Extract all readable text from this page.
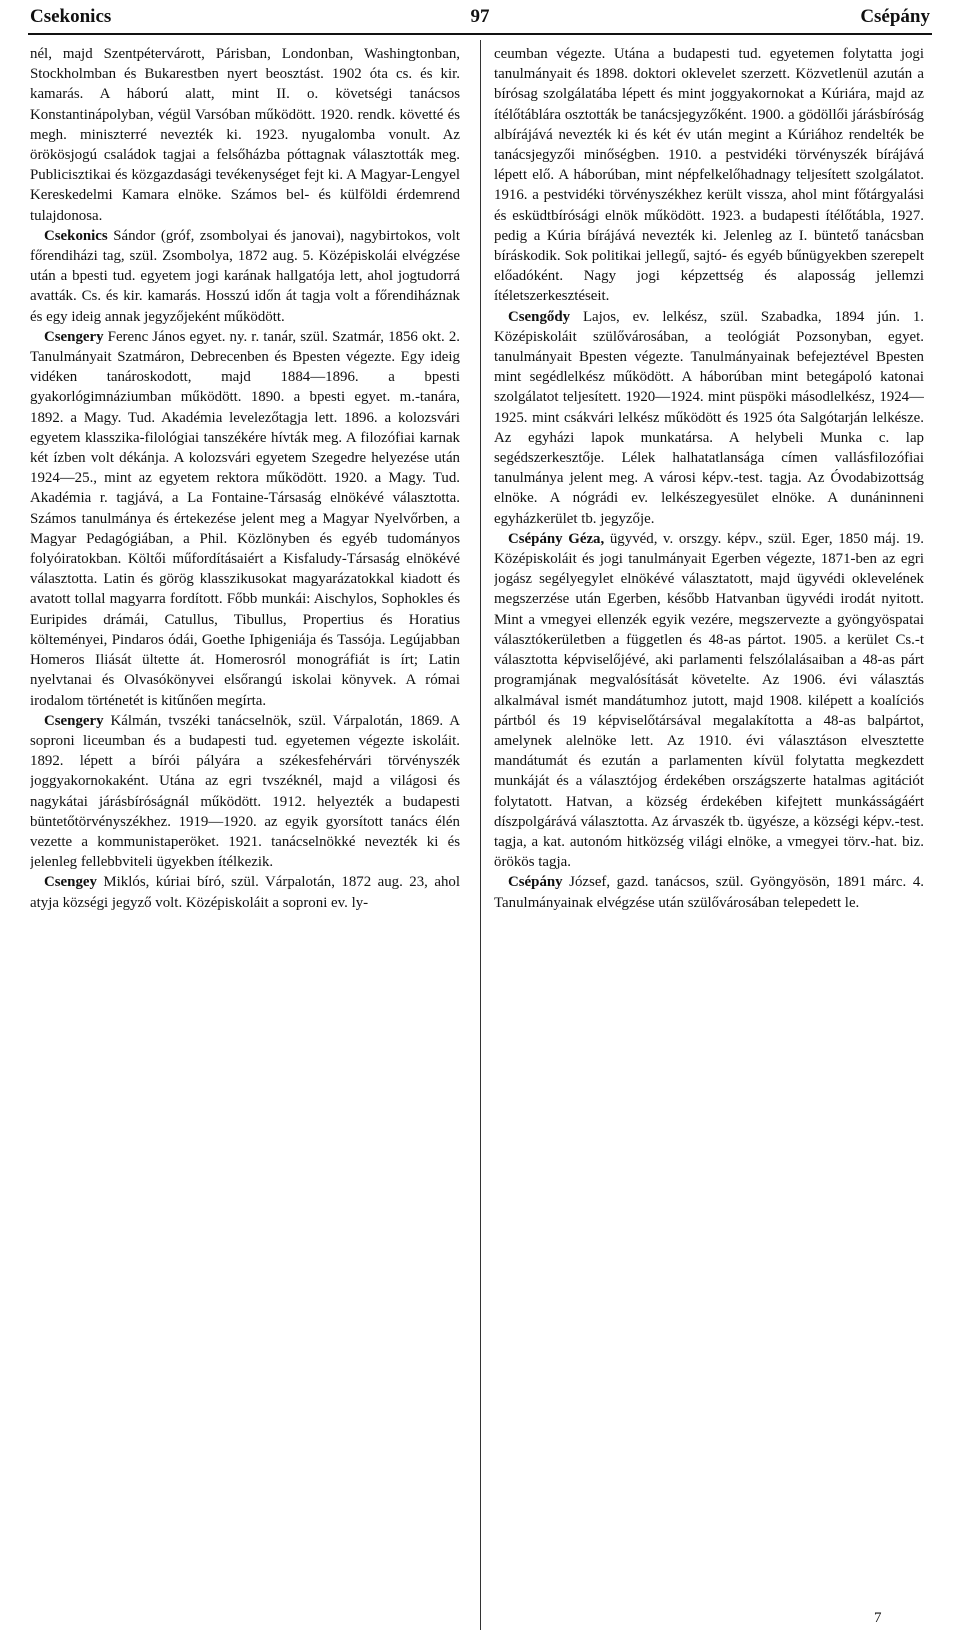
Csekonics	97	Csépány

nél, majd Szentpétervárott, Párisban, Londonban, Washingtonban, Stockholmban és Bukarestben nyert beosztást. 1902 óta cs. és kir. kamarás. A háború alatt, mint II. o. követségi tanácsos Konstantinápolyban, végül Varsóban működött. 1920. rendk. követté és megh. miniszterré nevezték ki. 1923. nyugalomba vonult. Az örökösjogú családok tagjai a felsőházba póttagnak választották meg. Publicisztikai és közgazdasági tevékenységet fejt ki. A Magyar-Lengyel Kereskedelmi Kamara elnöke. Számos bel- és külföldi érdemrend tulajdonosa.

Csekonics Sándor (gróf, zsombolyai és janovai), nagybirtokos, volt főrendiházi tag, szül. Zsombolya, 1872 aug. 5. Középiskolái elvégzése után a bpesti tud. egyetem jogi karának hallgatója lett, ahol jogtudorrá avatták. Cs. és kir. kamarás. Hosszú időn át tagja volt a főrendiháznak és egy ideig annak jegyzőjeként működött.

Csengery Ferenc János egyet. ny. r. tanár, szül. Szatmár, 1856 okt. 2. Tanulmányait Szatmáron, Debrecenben és Bpesten végezte. Egy ideig vidéken tanároskodott, majd 1884—1896. a bpesti gyakorlógimnáziumban működött. 1890. a bpesti egyet. m.-tanára, 1892. a Magy. Tud. Akadémia levelezőtagja lett. 1896. a kolozsvári egyetem klasszika-filológiai tanszékére hívták meg. A filozófiai karnak két ízben volt dékánja. A kolozsvári egyetem Szegedre helyezése után 1924—25., mint az egyetem rektora működött. 1920. a Magy. Tud. Akadémia r. tagjává, a La Fontaine-Társaság elnökévé választotta. Számos tanulmánya és értekezése jelent meg a Magyar Nyelvőrben, a Magyar Pedagógiában, a Phil. Közlönyben és egyéb tudományos folyóiratokban. Költői műfordításaiért a Kisfaludy-Társaság elnökévé választotta. Latin és görög klasszikusokat magyarázatokkal kiadott és avatott tollal magyarra fordított. Főbb munkái: Aischylos, Sophokles és Euripides drámái, Catullus, Tibullus, Propertius és Horatius költeményei, Pindaros ódái, Goethe Iphigeniája és Tassója. Legújabban Homeros Iliását ültette át. Homerosról monográfiát is írt; Latin nyelvtanai és Olvasókönyvei elsőrangú iskolai könyvek. A római irodalom történetét is kitűnően megírta.

Csengery Kálmán, tvszéki tanácselnök, szül. Várpalotán, 1869. A soproni liceumban és a budapesti tud. egyetemen végezte iskoláit. 1892. lépett a bírói pályára a székesfehérvári törvényszék joggyakornokaként. Utána az egri tvszéknél, majd a világosi és nagykátai járásbíróságnál működött. 1912. helyezték a budapesti büntetőtörvényszékhez. 1919—1920. az egyik gyorsított tanács élén vezette a kommunistaperöket. 1921. tanácselnökké nevezték ki és jelenleg fellebbviteli ügyekben ítélkezik.

Csengey Miklós, kúriai bíró, szül. Várpalotán, 1872 aug. 23, ahol atyja községi jegyző volt. Középiskoláit a soproni ev. ly-

ceumban végezte. Utána a budapesti tud. egyetemen folytatta jogi tanulmányait és 1898. doktori oklevelet szerzett. Közvetlenül azután a bírósag szolgálatába lépett és mint joggyakornokat a Kúriára, majd az ítélőtáblára osztották be tanácsjegyzőként. 1900. a gödöllői járásbíróság albírájává nevezték ki és két év után megint a Kúriához rendelték be tanácsjegyzői minőségben. 1910. a pestvidéki törvényszék bírájává lépett elő. A háborúban, mint népfelkelőhadnagy teljesített szolgálatot. 1916. a pestvidéki törvényszékhez került vissza, ahol mint főtárgyalási és esküdtbírósági elnök működött. 1923. a budapesti ítélőtábla, 1927. pedig a Kúria bírájává nevezték ki. Jelenleg az I. büntető tanácsban bíráskodik. Sok politikai jellegű, sajtó- és egyéb bűnügyekben szerepelt előadóként. Nagy jogi képzettség és alaposság jellemzi ítéletszerkesztéseit.

Csengődy Lajos, ev. lelkész, szül. Szabadka, 1894 jún. 1. Középiskoláit szülővárosában, a teológiát Pozsonyban, egyet. tanulmányait Bpesten végezte. Tanulmányainak befejeztével Bpesten mint segédlelkész működött. A háborúban mint betegápoló katonai szolgálatot teljesített. 1920—1924. mint püspöki másodlelkész, 1924—1925. mint csákvári lelkész működött és 1925 óta Salgótarján lelkésze. Az egyházi lapok munkatársa. A helybeli Munka c. lap segédszerkesztője. Lélek halhatatlansága címen vallásfilozófiai tanulmánya jelent meg. A városi képv.-test. tagja. Az Óvodabizottság elnöke. A nógrádi ev. lelkészegyesület elnöke. A dunáninneni egyházkerület tb. jegyzője.

Csépány Géza, ügyvéd, v. orszgy. képv., szül. Eger, 1850 máj. 19. Középiskoláit és jogi tanulmányait Egerben végezte, 1871-ben az egri jogász segélyegylet elnökévé választatott, majd ügyvédi oklevelének megszerzése után Egerben, később Hatvanban ügyvédi irodát nyitott. Mint a vmegyei ellenzék egyik vezére, megszervezte a gyöngyöspatai választókerületben a független és 48-as pártot. 1905. a kerület Cs.-t választotta képviselőjévé, aki parlamenti felszólalásaiban a 48-as párt programjának megvalósítását követelte. Az 1906. évi választás alkalmával ismét mandátumhoz jutott, majd 1908. kilépett a koalíciós pártból és 19 képviselőtársával megalakította a 48-as balpártot, amelynek alelnöke lett. Az 1910. évi választáson elvesztette mandátumát és ezután a parlamenten kívül folytatta megkezdett munkáját és a választójog érdekében országszerte hatalmas agitációt folytatott. Hatvan, a község érdekében kifejtett munkásságáért díszpolgárává választotta. Az árvaszék tb. ügyésze, a községi képv.-test. tagja, a kat. autonóm hitközség világi elnöke, a vmegyei törv.-hat. biz. örökös tagja.

Csépány József, gazd. tanácsos, szül. Gyöngyösön, 1891 márc. 4. Tanulmányainak elvégzése után szülővárosában telepedett le.

7
